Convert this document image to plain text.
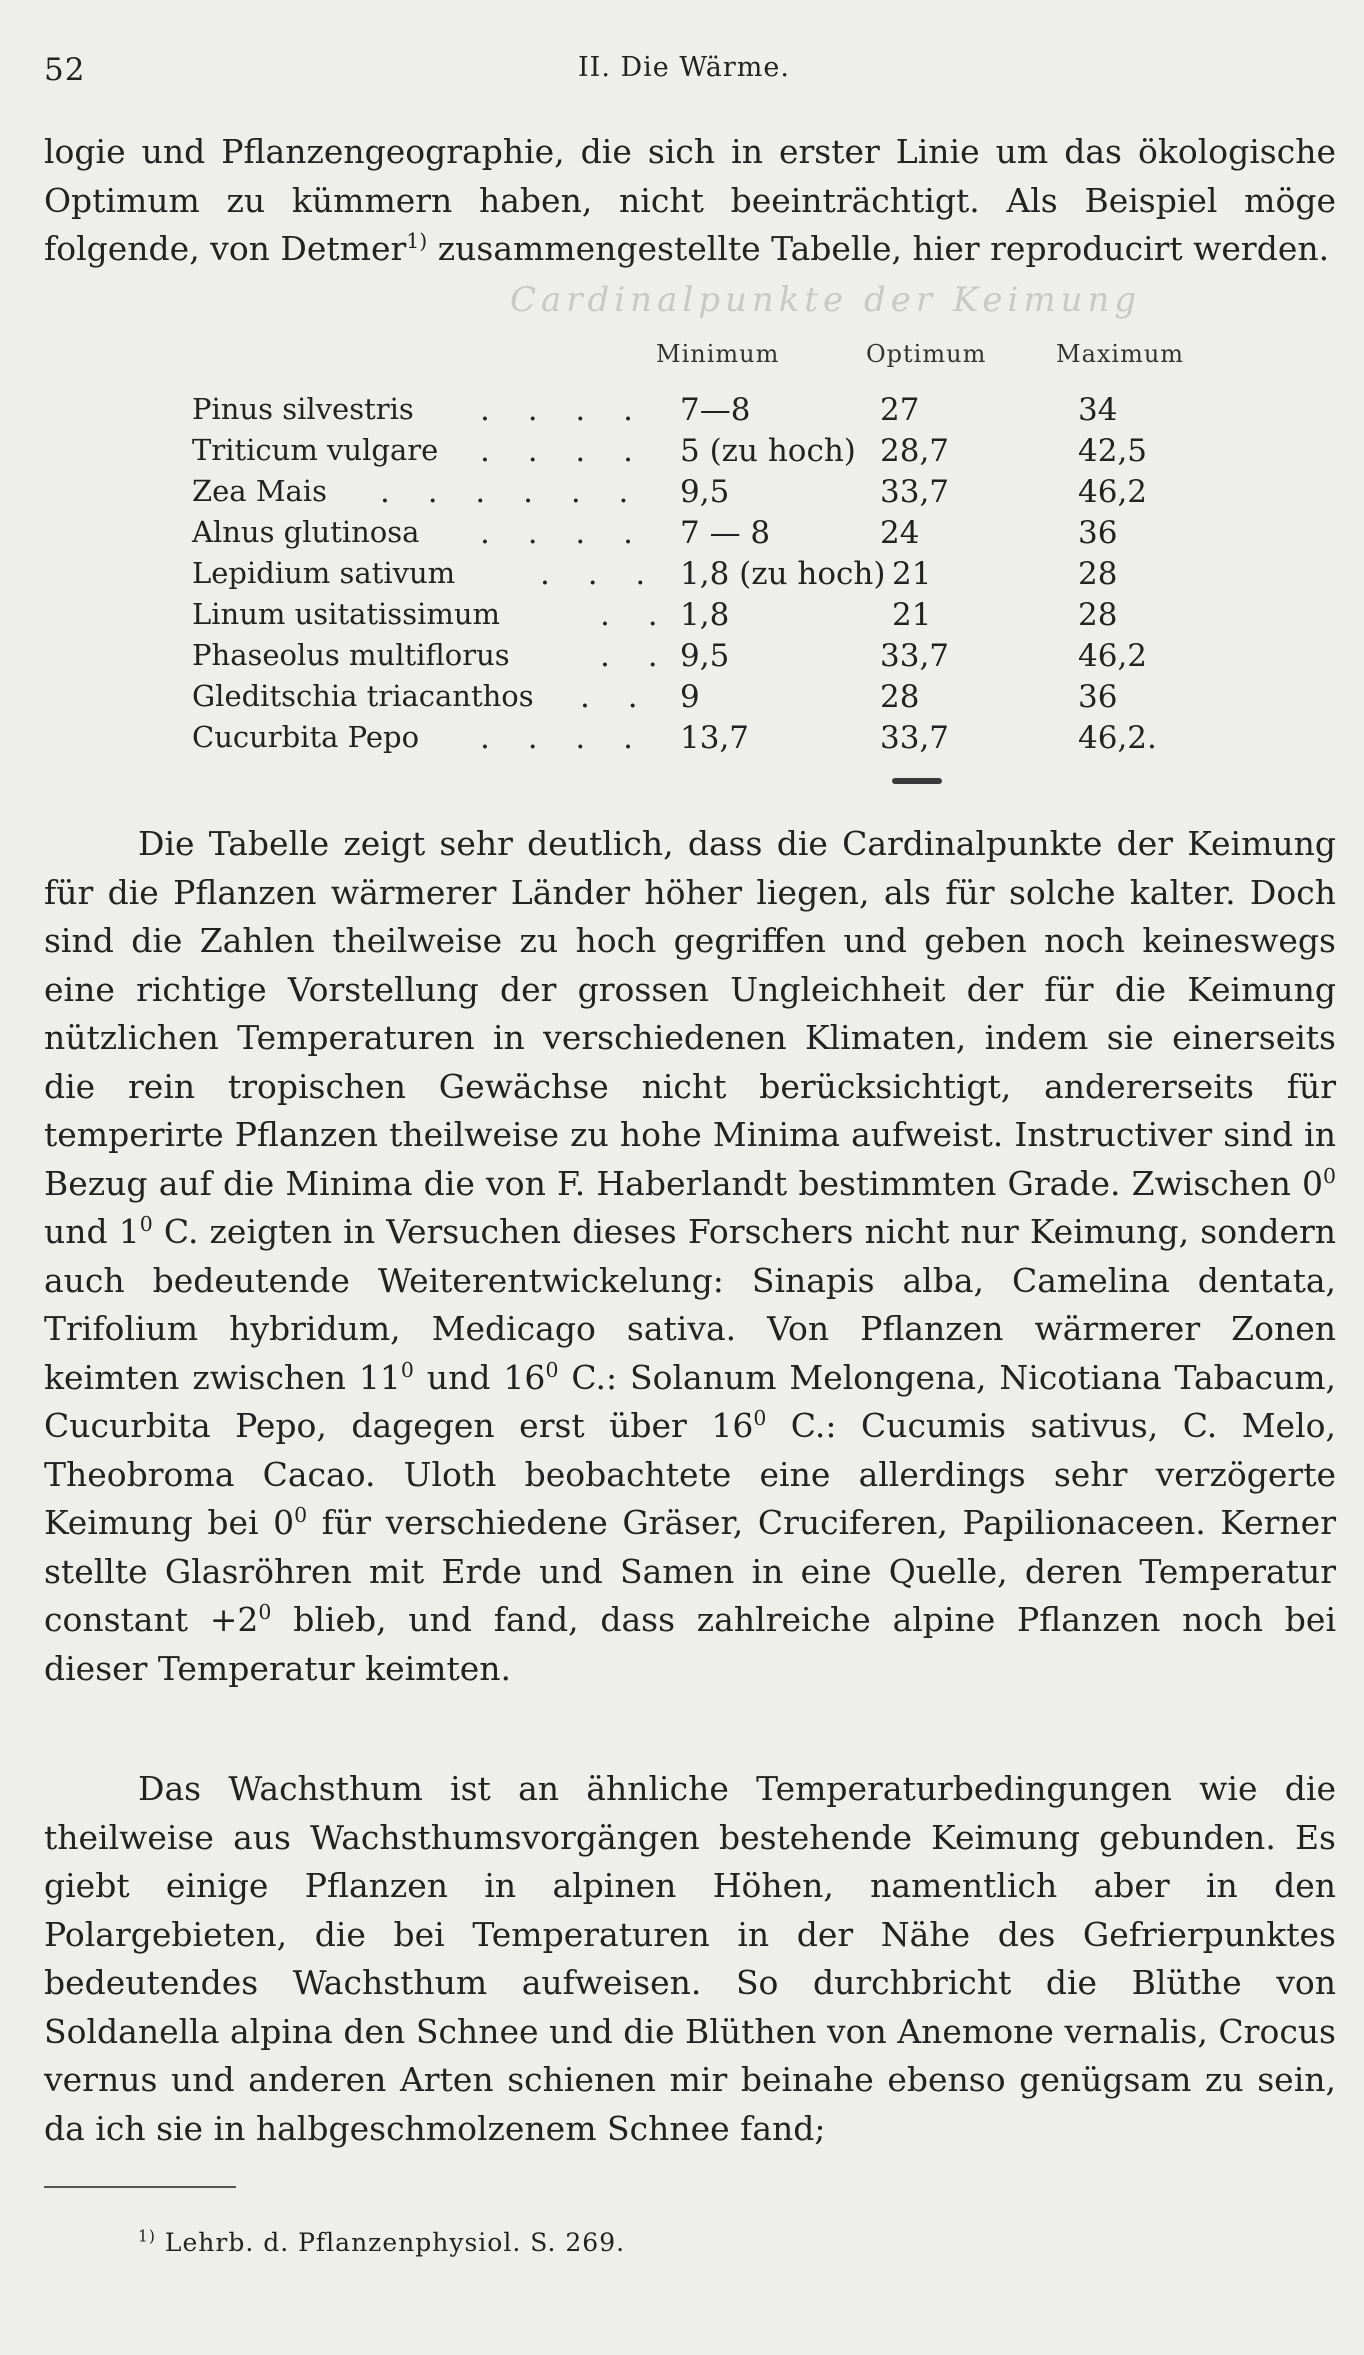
52	II. Die Wärme.

logie und Pflanzengeographie, die sich in erster Linie um das ökologische Optimum zu kümmern haben, nicht beeinträchtigt. Als Beispiel möge folgende, von Detmer$^{1)}$ zusammengestellte Tabelle, hier reproducirt werden.

Cardinalpunkte der Keimung
Minimum	Optimum	Maximum
Pinus silvestris . . . . 7—8	27	34
Triticum vulgare . . . . 5 (zu hoch) 28,7	42,5
Zea Mais . . . . . . 9,5	33,7	46,2
Alnus glutinosa . . . . 7 — 8	24	36
Lepidium sativum	. . . 1,8 (zu hoch) 21	28
Linum usitatissimum	. . 1,8	21	28
Phaseolus multiflorus	. . 9,5	33,7	46,2
Gleditschia triacanthos . . 9	28	36
Cucurbita Pepo . . . . 13,7	33,7	46,2.

Die Tabelle zeigt sehr deutlich, dass die Cardinalpunkte der Keimung für die Pflanzen wärmerer Länder höher liegen, als für solche kalter. Doch sind die Zahlen theilweise zu hoch gegriffen und geben noch keineswegs eine richtige Vorstellung der grossen Ungleichheit der für die Keimung nützlichen Temperaturen in verschiedenen Klimaten, indem sie einerseits die rein tropischen Gewächse nicht berücksichtigt, andererseits für temperirte Pflanzen theilweise zu hohe Minima aufweist. Instructiver sind in Bezug auf die Minima die von F. Haberlandt bestimmten Grade. Zwischen $0^0$ und $1^0$ C. zeigten in Versuchen dieses Forschers nicht nur Keimung, sondern auch bedeutende Weiterentwickelung: Sinapis alba, Camelina dentata, Trifolium hybridum, Medicago sativa. Von Pflanzen wärmerer Zonen keimten zwischen $11^0$ und $16^0$ C.: Solanum Melongena, Nicotiana Tabacum, Cucurbita Pepo, dagegen erst über $16^0$ C.: Cucumis sativus, C. Melo, Theobroma Cacao. Uloth beobachtete eine allerdings sehr verzögerte Keimung bei $0^0$ für verschiedene Gräser, Cruciferen, Papilionaceen. Kerner stellte Glasröhren mit Erde und Samen in eine Quelle, deren Temperatur constant $+2^0$ blieb, und fand, dass zahlreiche alpine Pflanzen noch bei dieser Temperatur keimten.

Das Wachsthum ist an ähnliche Temperaturbedingungen wie die theilweise aus Wachsthumsvorgängen bestehende Keimung gebunden. Es giebt einige Pflanzen in alpinen Höhen, namentlich aber in den Polargebieten, die bei Temperaturen in der Nähe des Gefrierpunktes bedeutendes Wachsthum aufweisen. So durchbricht die Blüthe von Soldanella alpina den Schnee und die Blüthen von Anemone vernalis, Crocus vernus und anderen Arten schienen mir beinahe ebenso genügsam zu sein, da ich sie in halbgeschmolzenem Schnee fand;

$^{1)}$ Lehrb. d. Pflanzenphysiol. S. 269.
